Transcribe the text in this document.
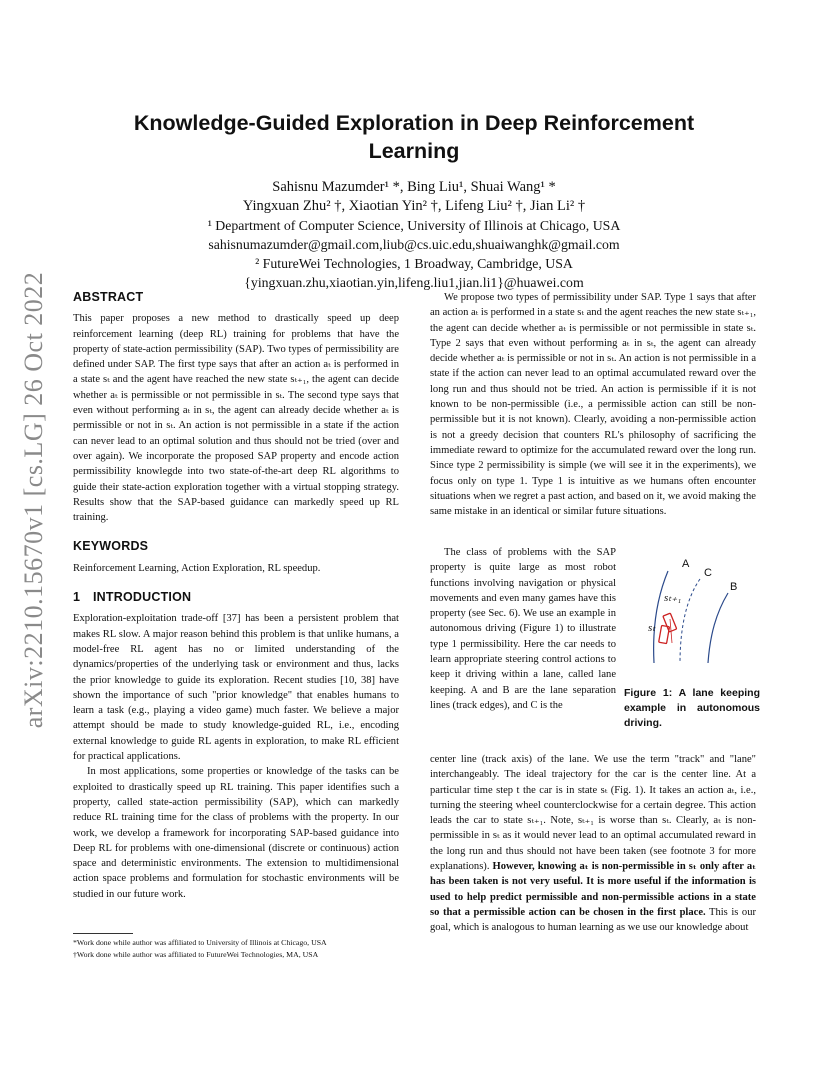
arXiv:2210.15670v1 [cs.LG] 26 Oct 2022
Knowledge-Guided Exploration in Deep Reinforcement Learning
Sahisnu Mazumder¹ *, Bing Liu¹, Shuai Wang¹ *
Yingxuan Zhu² †, Xiaotian Yin² †, Lifeng Liu² †, Jian Li² †
¹ Department of Computer Science, University of Illinois at Chicago, USA
sahisnumazumder@gmail.com,liub@cs.uic.edu,shuaiwanghk@gmail.com
² FutureWei Technologies, 1 Broadway, Cambridge, USA
{yingxuan.zhu,xiaotian.yin,lifeng.liu1,jian.li1}@huawei.com
ABSTRACT

This paper proposes a new method to drastically speed up deep reinforcement learning (deep RL) training for problems that have the property of state-action permissibility (SAP). Two types of permissibility are defined under SAP. The first type says that after an action aₜ is performed in a state sₜ and the agent have reached the new state sₜ₊₁, the agent can decide whether aₜ is permissible or not permissible in sₜ. The second type says that even without performing aₜ in sₜ, the agent can already decide whether aₜ is permissible or not in sₜ. An action is not permissible in a state if the action can never lead to an optimal solution and thus should not be tried (over and over again). We incorporate the proposed SAP property and encode action permissibility knowlegde into two state-of-the-art deep RL algorithms to guide their state-action exploration together with a virtual stopping strategy. Results show that the SAP-based guidance can markedly speed up RL training.

KEYWORDS

Reinforcement Learning, Action Exploration, RL speedup.

1 INTRODUCTION

Exploration-exploitation trade-off [37] has been a persistent problem that makes RL slow. A major reason behind this problem is that unlike humans, a model-free RL agent has no or limited understanding of the dynamics/properties of the underlying task or environment and thus, lacks the prior knowledge to guide its exploration. Recent studies [10, 38] have shown the importance of such "prior knowledge" that enables humans to learn a task (e.g., playing a video game) much faster. We believe a major attempt should be made to study knowledge-guided RL, i.e., encoding external knowledge to guide RL agents in exploration, to make RL efficient for practical applications.

In most applications, some properties or knowledge of the tasks can be exploited to drastically speed up RL training. This paper identifies such a property, called state-action permissibility (SAP), which can markedly reduce RL training time for the class of problems with the property. In our work, we develop a framework for incorporating SAP-based guidance into Deep RL for problems with one-dimensional (discrete or continuous) action space and deterministic environments. The extension to multidimensional action space problems and formulation for stochastic environments will be studied in our future work.

*Work done while author was affiliated to University of Illinois at Chicago, USA
†Work done while author was affiliated to FutureWei Technologies, MA, USA

We propose two types of permissibility under SAP. Type 1 says that after an action aₜ is performed in a state sₜ and the agent reaches the new state sₜ₊₁, the agent can decide whether aₜ is permissible or not permissible in state sₜ. Type 2 says that even without performing aₜ in sₜ, the agent can already decide whether aₜ is permissible or not in sₜ. An action is not permissible in a state if the action can never lead to an optimal accumulated reward over the long run and thus should not be tried. An action is permissible if it is not known to be non-permissible (i.e., a permissible action can still be non-permissible but it is not known). Clearly, avoiding a non-permissible action is not a greedy decision that counters RL's philosophy of sacrificing the immediate reward to optimize for the accumulated reward over the long run. Since type 2 permissibility is simple (we will see it in the experiments), we focus only on type 1. Type 1 is intuitive as we humans often encounter situations when we regret a past action, and based on it, we avoid making the same mistake in an identical or similar future situations.

The class of problems with the SAP property is quite large as most robot functions involving navigation or physical movements and even many games have this property (see Sec. 6). We use an example in autonomous driving (Figure 1) to illustrate type 1 permissibility. Here the car needs to learn appropriate steering control actions to keep it driving within a lane, called lane keeping. A and B are the lane separation lines (track edges), and C is the

A
B
C
sₜ₊₁
sₜ
Figure 1: A lane keeping example in autonomous driving.

center line (track axis) of the lane. We use the term "track" and "lane" interchangeably. The ideal trajectory for the car is the center line. At a particular time step t the car is in state sₜ (Fig. 1). It takes an action aₜ, i.e., turning the steering wheel counterclockwise for a certain degree. This action leads the car to state sₜ₊₁. Note, sₜ₊₁ is worse than sₜ. Clearly, aₜ is non-permissible in sₜ as it would never lead to an optimal accumulated reward in the long run and thus should not have been taken (see footnote 3 for more explanations). However, knowing aₜ is non-permissible in sₜ only after aₜ has been taken is not very useful. It is more useful if the information is used to help predict permissible and non-permissible actions in a state so that a permissible action can be chosen in the first place. This is our goal, which is analogous to human learning as we use our knowledge about
